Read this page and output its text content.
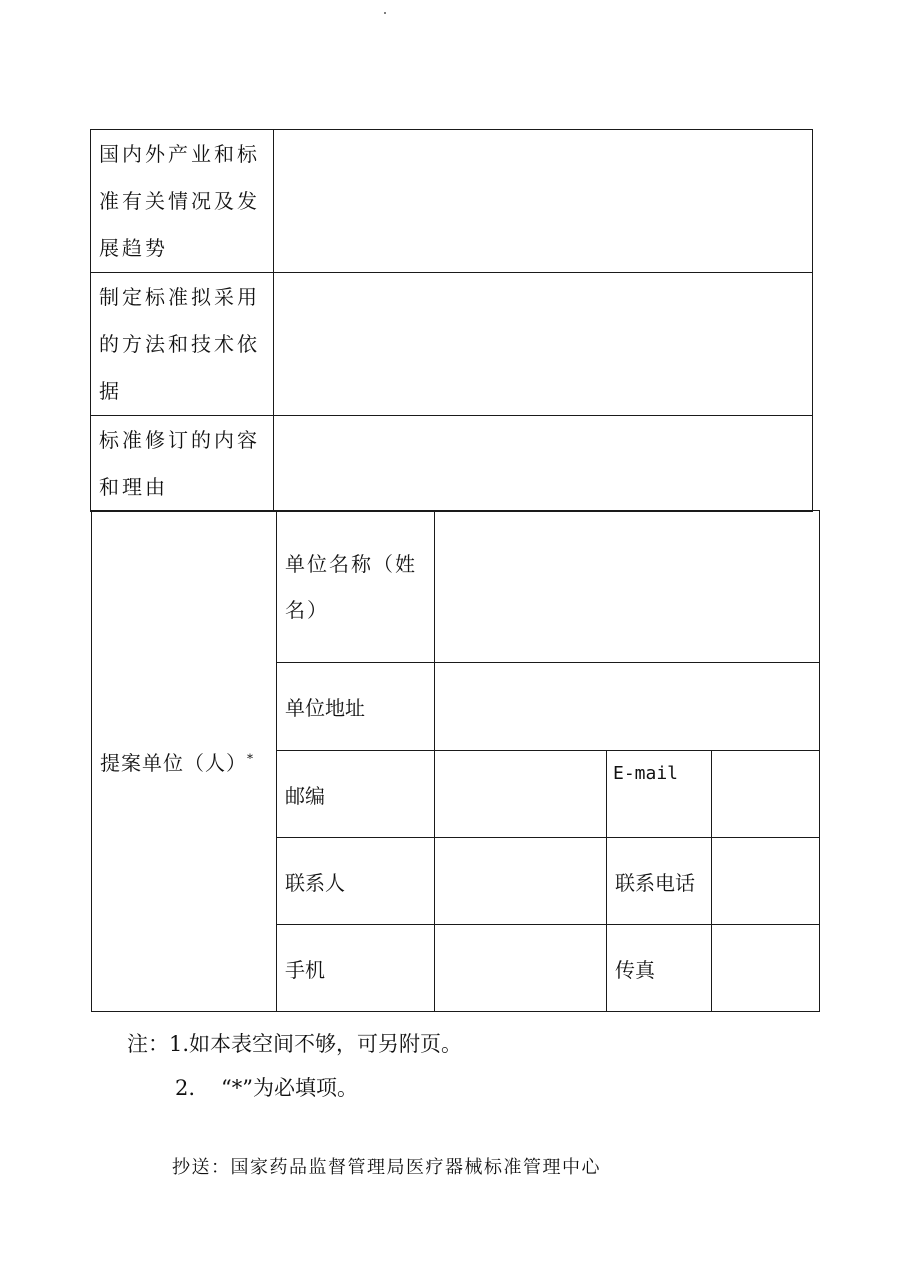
国内外产业和标准有关情况及发展趋势	
制定标准拟采用的方法和技术依据	
标准修订的内容和理由	
提案单位（人）*	单位名称（姓名）			
	单位地址			
	邮编		E-mail	
	联系人		联系电话	
	手机		传真	
注：1.如本表空间不够，可另附页。
2. “*”为必填项。
抄送：国家药品监督管理局医疗器械标准管理中心
